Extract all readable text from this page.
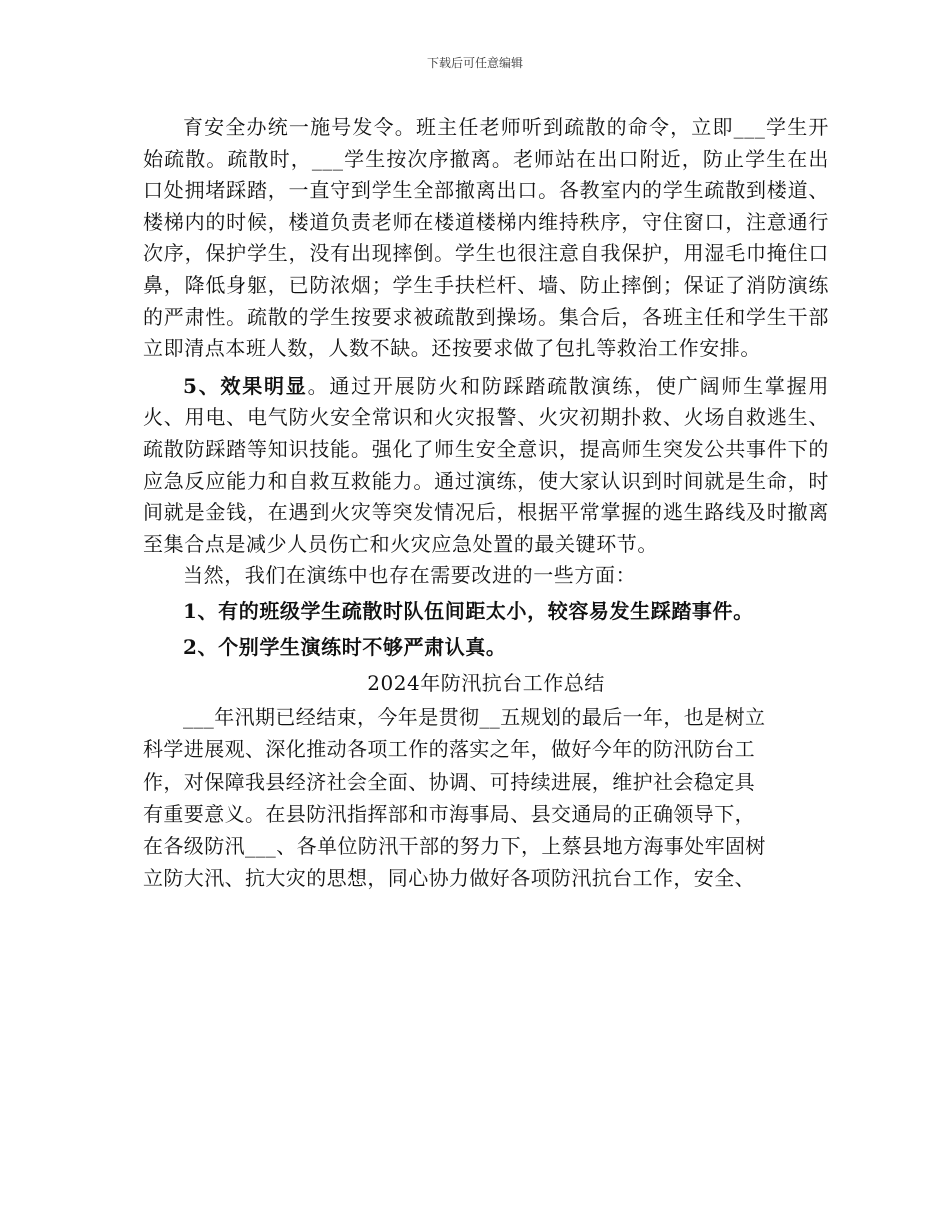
下载后可任意编辑

育安全办统一施号发令。班主任老师听到疏散的命令，立即___学生开始疏散。疏散时，___学生按次序撤离。老师站在出口附近，防止学生在出口处拥堵踩踏，一直守到学生全部撤离出口。各教室内的学生疏散到楼道、楼梯内的时候，楼道负责老师在楼道楼梯内维持秩序，守住窗口，注意通行次序，保护学生，没有出现摔倒。学生也很注意自我保护，用湿毛巾掩住口鼻，降低身躯，已防浓烟；学生手扶栏杆、墙、防止摔倒；保证了消防演练的严肃性。疏散的学生按要求被疏散到操场。集合后，各班主任和学生干部立即清点本班人数，人数不缺。还按要求做了包扎等救治工作安排。

5、效果明显。通过开展防火和防踩踏疏散演练，使广阔师生掌握用火、用电、电气防火安全常识和火灾报警、火灾初期扑救、火场自救逃生、疏散防踩踏等知识技能。强化了师生安全意识，提高师生突发公共事件下的应急反应能力和自救互救能力。通过演练，使大家认识到时间就是生命，时间就是金钱，在遇到火灾等突发情况后，根据平常掌握的逃生路线及时撤离至集合点是减少人员伤亡和火灾应急处置的最关键环节。

当然，我们在演练中也存在需要改进的一些方面：

1、有的班级学生疏散时队伍间距太小，较容易发生踩踏事件。

2、个别学生演练时不够严肃认真。

2024年防汛抗台工作总结

___年汛期已经结束，今年是贯彻__五规划的最后一年，也是树立

科学进展观、深化推动各项工作的落实之年，做好今年的防汛防台工

作，对保障我县经济社会全面、协调、可持续进展，维护社会稳定具

有重要意义。在县防汛指挥部和市海事局、县交通局的正确领导下，

在各级防汛___、各单位防汛干部的努力下，上蔡县地方海事处牢固树

立防大汛、抗大灾的思想，同心协力做好各项防汛抗台工作，安全、
